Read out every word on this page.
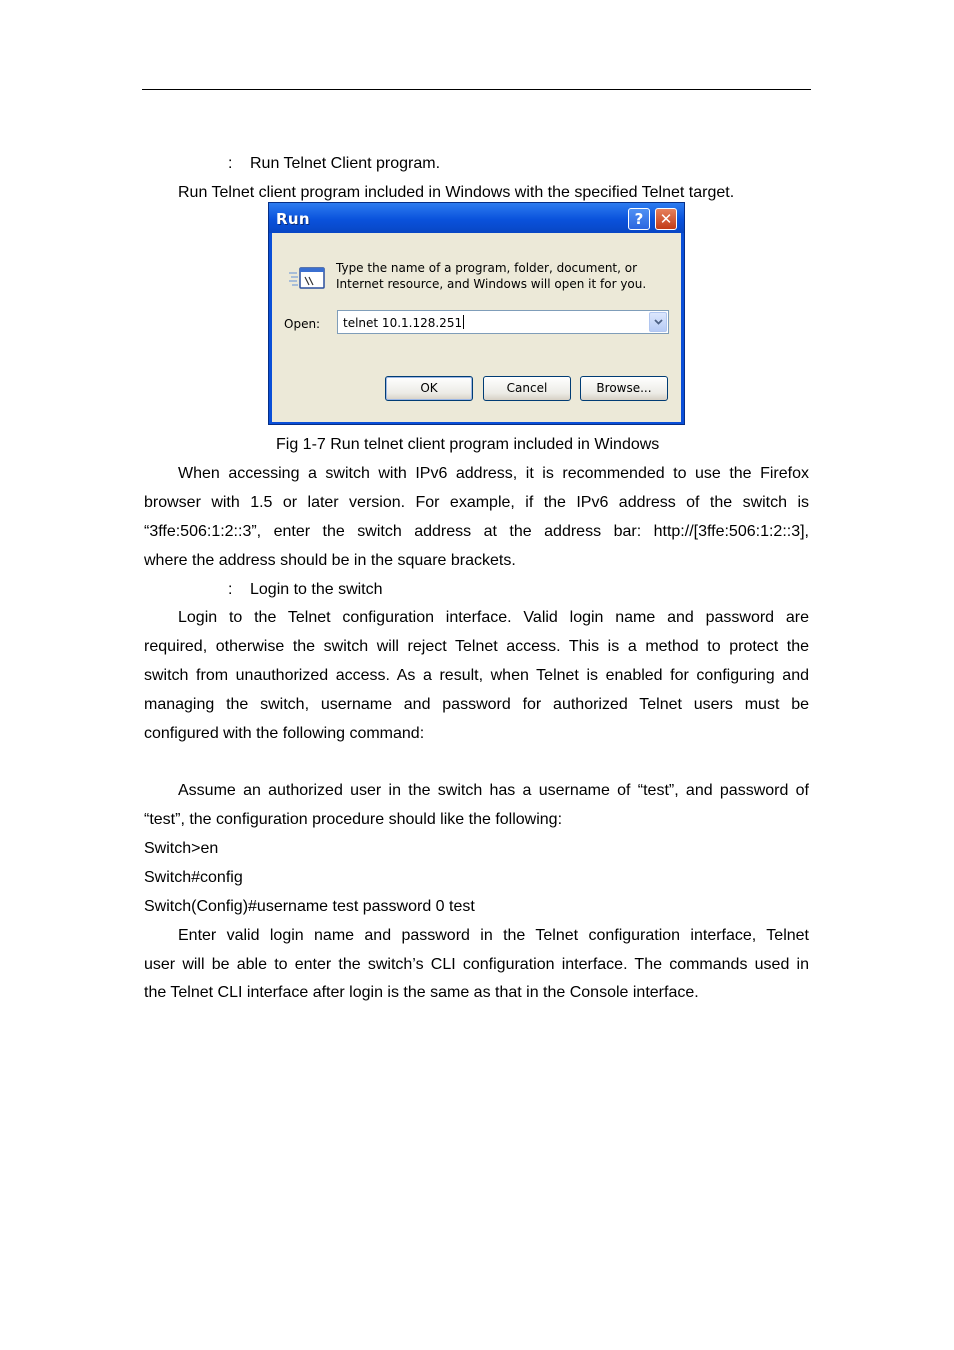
: Run Telnet Client program.
Run Telnet client program included in Windows with the specified Telnet target.
Run	?	✕
Type the name of a program, folder, document, or
Internet resource, and Windows will open it for you.
Open: telnet 10.1.128.251
OK	Cancel	Browse...
Fig 1-7 Run telnet client program included in Windows
When accessing a switch with IPv6 address, it is recommended to use the Firefox
browser with 1.5 or later version. For example, if the IPv6 address of the switch is
“3ffe:506:1:2::3”, enter the switch address at the address bar: http://[3ffe:506:1:2::3],
where the address should be in the square brackets.
: Login to the switch
Login to the Telnet configuration interface. Valid login name and password are
required, otherwise the switch will reject Telnet access. This is a method to protect the
switch from unauthorized access. As a result, when Telnet is enabled for configuring and
managing the switch, username and password for authorized Telnet users must be
configured with the following command:
Assume an authorized user in the switch has a username of “test”, and password of
“test”, the configuration procedure should like the following:
Switch>en
Switch#config
Switch(Config)#username test password 0 test
Enter valid login name and password in the Telnet configuration interface, Telnet
user will be able to enter the switch’s CLI configuration interface. The commands used in
the Telnet CLI interface after login is the same as that in the Console interface.
